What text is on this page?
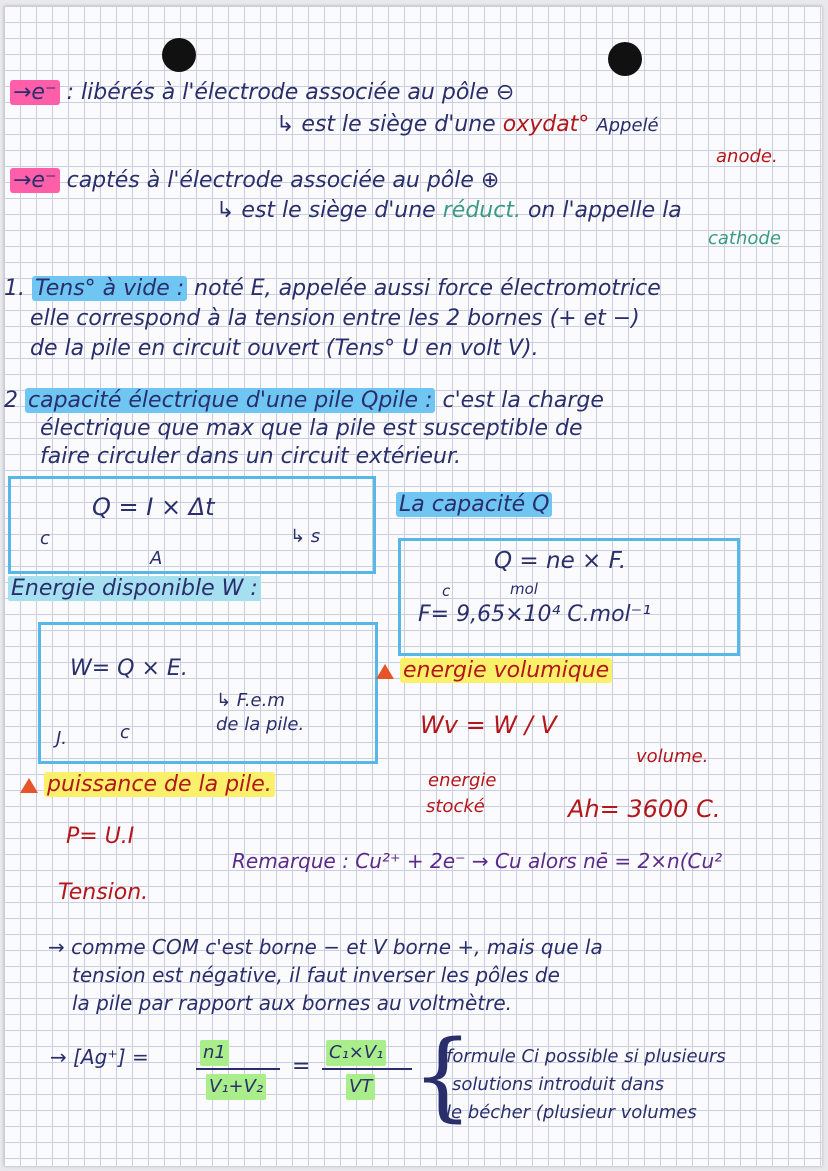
→e⁻ : libérés à l'électrode associée au pôle ⊖
↳ est le siège d'une oxydat° Appelé
anode.
→e⁻ captés à l'électrode associée au pôle ⊕
↳ est le siège d'une réduct. on l'appelle la
cathode
1. Tens° à vide : noté E, appelée aussi force électromotrice
elle correspond à la tension entre les 2 bornes (+ et −)
de la pile en circuit ouvert (Tens° U en volt V).
2 capacité électrique d'une pile Qpile : c'est la charge
électrique que max que la pile est susceptible de
faire circuler dans un circuit extérieur.
Q = I × Δt
c
A
↳ s
La capacité Q
Q = ne × F.
c	mol
F= 9,65×10⁴ C.mol⁻¹
Energie disponible W :
W= Q × E.
J.	c
↳ F.e.m
de la pile.
energie volumique
Wv = W / V
volume.
energie
stocké	Ah= 3600 C.
puissance de la pile.
P= U.I
Tension.
Remarque : Cu²⁺ + 2e⁻ → Cu alors nē = 2×n(Cu²
→ comme COM c'est borne − et V borne +, mais que la
tension est négative, il faut inverser les pôles de
la pile par rapport aux bornes au voltmètre.
→ [Ag⁺] =	n1
V₁+V₂
=
C₁×V₁
VT {
formule Ci possible si plusieurs
solutions introduit dans
le bécher (plusieur volumes
